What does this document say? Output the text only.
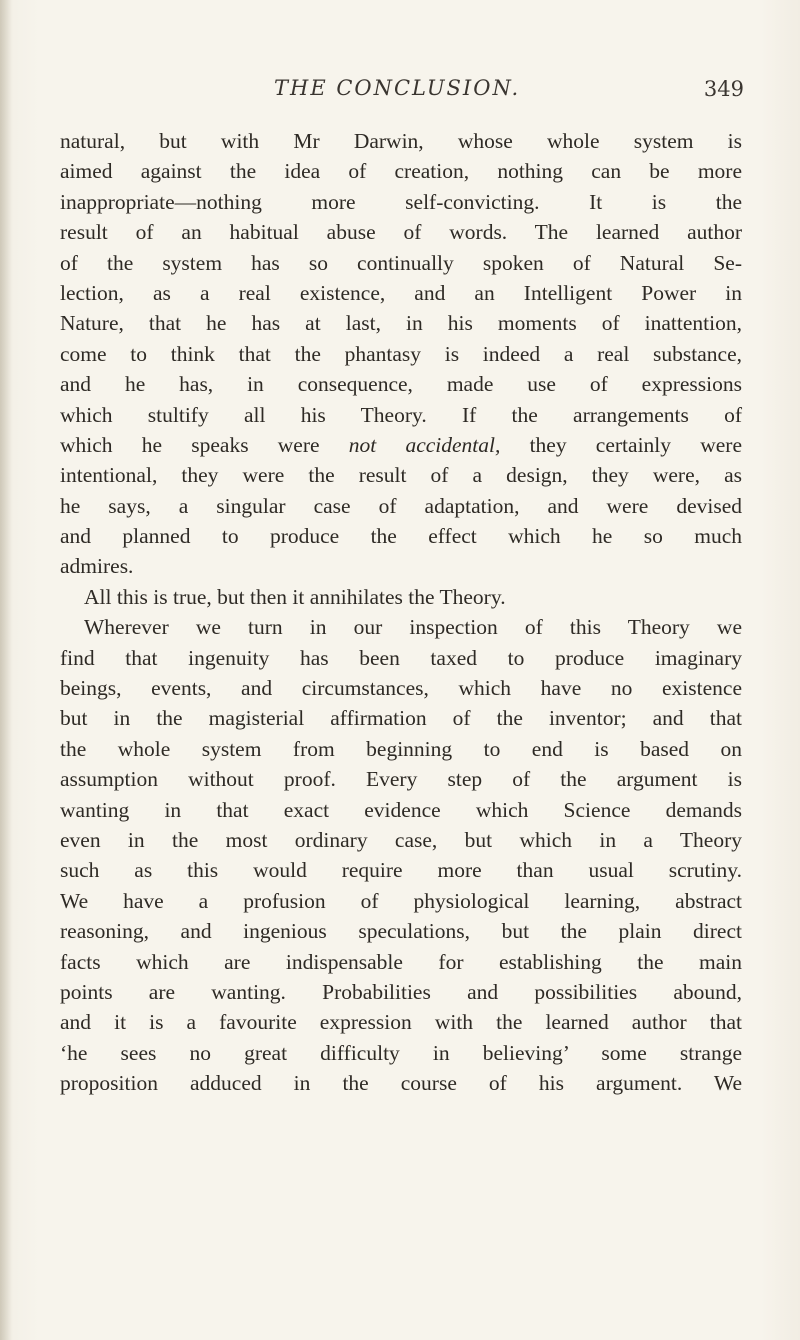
THE CONCLUSION.	349
natural, but with Mr Darwin, whose whole system is
aimed against the idea of creation, nothing can be more
inappropriate—nothing more self-convicting. It is the
result of an habitual abuse of words. The learned author
of the system has so continually spoken of Natural Se-
lection, as a real existence, and an Intelligent Power in
Nature, that he has at last, in his moments of inattention,
come to think that the phantasy is indeed a real substance,
and he has, in consequence, made use of expressions
which stultify all his Theory. If the arrangements of
which he speaks were not accidental, they certainly were
intentional, they were the result of a design, they were, as
he says, a singular case of adaptation, and were devised
and planned to produce the effect which he so much
admires.
All this is true, but then it annihilates the Theory.
Wherever we turn in our inspection of this Theory we
find that ingenuity has been taxed to produce imaginary
beings, events, and circumstances, which have no existence
but in the magisterial affirmation of the inventor; and that
the whole system from beginning to end is based on
assumption without proof. Every step of the argument is
wanting in that exact evidence which Science demands
even in the most ordinary case, but which in a Theory
such as this would require more than usual scrutiny.
We have a profusion of physiological learning, abstract
reasoning, and ingenious speculations, but the plain direct
facts which are indispensable for establishing the main
points are wanting. Probabilities and possibilities abound,
and it is a favourite expression with the learned author that
‘he sees no great difficulty in believing’ some strange
proposition adduced in the course of his argument. We
